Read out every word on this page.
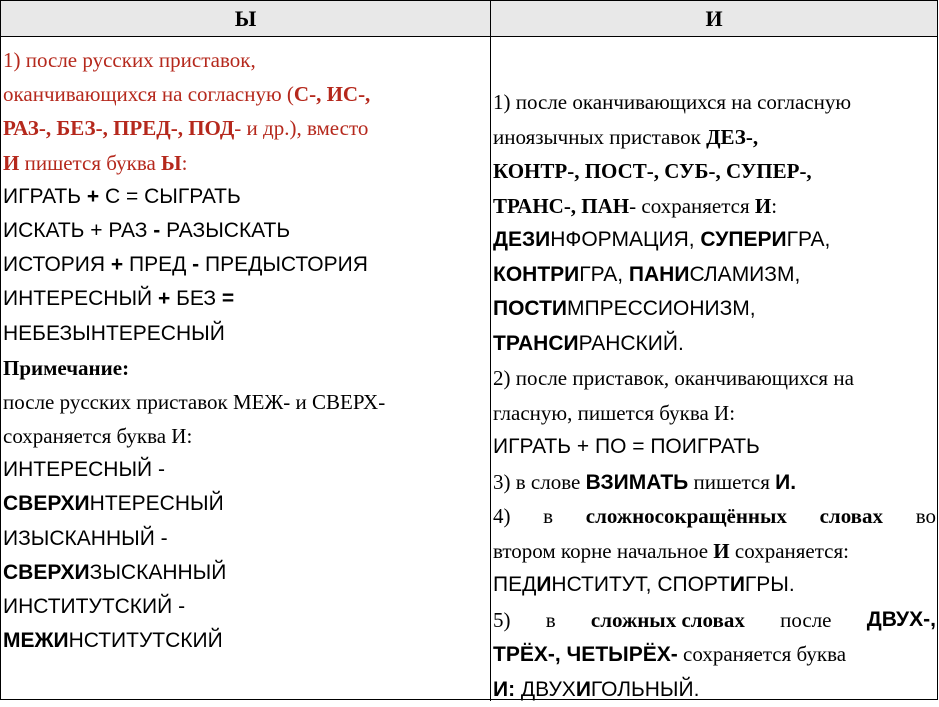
Ы	И
1) после русских приставок,
оканчивающихся на согласную (С-, ИС-,
РАЗ-, БЕЗ-, ПРЕД-, ПОД- и др.), вместо
И пишется буква Ы:
ИГРАТЬ + С = СЫГРАТЬ
ИСКАТЬ + РАЗ - РАЗЫСКАТЬ
ИСТОРИЯ + ПРЕД - ПРЕДЫСТОРИЯ
ИНТЕРЕСНЫЙ + БЕЗ =
НЕБЕЗЫНТЕРЕСНЫЙ
Примечание:
после русских приставок МЕЖ- и СВЕРХ-
сохраняется буква И:
ИНТЕРЕСНЫЙ -
СВЕРХИНТЕРЕСНЫЙ
ИЗЫСКАННЫЙ -
СВЕРХИЗЫСКАННЫЙ
ИНСТИТУТСКИЙ -
МЕЖИНСТИТУТСКИЙ
1) после оканчивающихся на согласную
иноязычных приставок ДЕЗ-,
КОНТР-, ПОСТ-, СУБ-, СУПЕР-,
ТРАНС-, ПАН- сохраняется И:
ДЕЗИНФОРМАЦИЯ, СУПЕРИГРА,
КОНТРИГРА, ПАНИСЛАМИЗМ,
ПОСТИМПРЕССИОНИЗМ,
ТРАНСИРАНСКИЙ.
2) после приставок, оканчивающихся на
гласную, пишется буква И:
ИГРАТЬ + ПО = ПОИГРАТЬ
3) в слове ВЗИМАТЬ пишется И.
4) в сложносокращённых словах во
втором корне начальное И сохраняется:
ПЕДИНСТИТУТ, СПОРТИГРЫ.
5) в сложных словах после ДВУХ-,
ТРЁХ-, ЧЕТЫРЁХ- сохраняется буква
И: ДВУХИГОЛЬНЫЙ.
